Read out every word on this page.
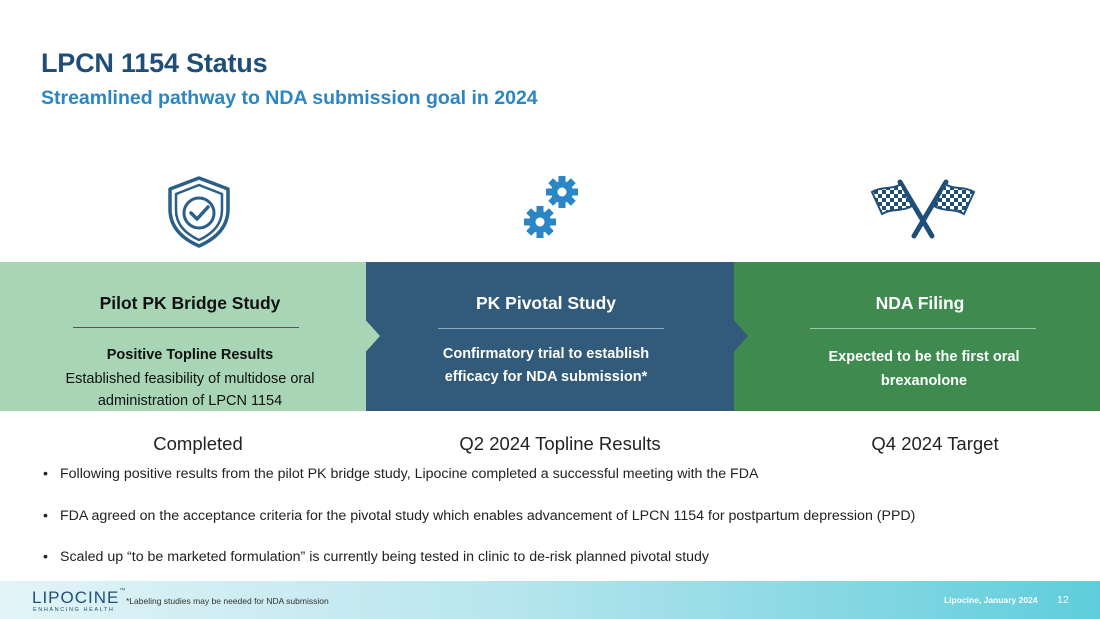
LPCN 1154 Status
Streamlined pathway to NDA submission goal in 2024
Pilot PK Bridge Study
Positive Topline Results
Established feasibility of multidose oral
administration of LPCN 1154
PK Pivotal Study
Confirmatory trial to establish
efficacy for NDA submission*
NDA Filing
Expected to be the first oral
brexanolone
Completed	Q2 2024 Topline Results	Q4 2024 Target
• Following positive results from the pilot PK bridge study, Lipocine completed a successful meeting with the FDA
• FDA agreed on the acceptance criteria for the pivotal study which enables advancement of LPCN 1154 for postpartum depression (PPD)
• Scaled up “to be marketed formulation” is currently being tested in clinic to de-risk planned pivotal study
LIPOCINE™
ENHANCING HEALTH
*Labeling studies may be needed for NDA submission	Lipocine, January 2024 12
